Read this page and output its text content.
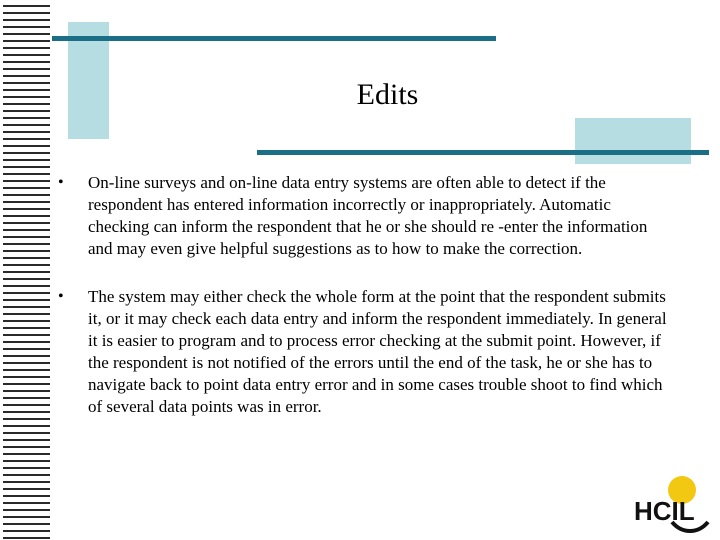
Edits
•	On-line surveys and on-line data entry systems are often able to detect if the respondent has entered information incorrectly or inappropriately. Automatic checking can inform the respondent that he or she should re -enter the information and may even give helpful suggestions as to how to make the correction.
•	The system may either check the whole form at the point that the respondent submits it, or it may check each data entry and inform the respondent immediately. In general it is easier to program and to process error checking at the submit point. However, if the respondent is not notified of the errors until the end of the task, he or she has to navigate back to point data entry error and in some cases trouble shoot to find which of several data points was in error.
HCIL
